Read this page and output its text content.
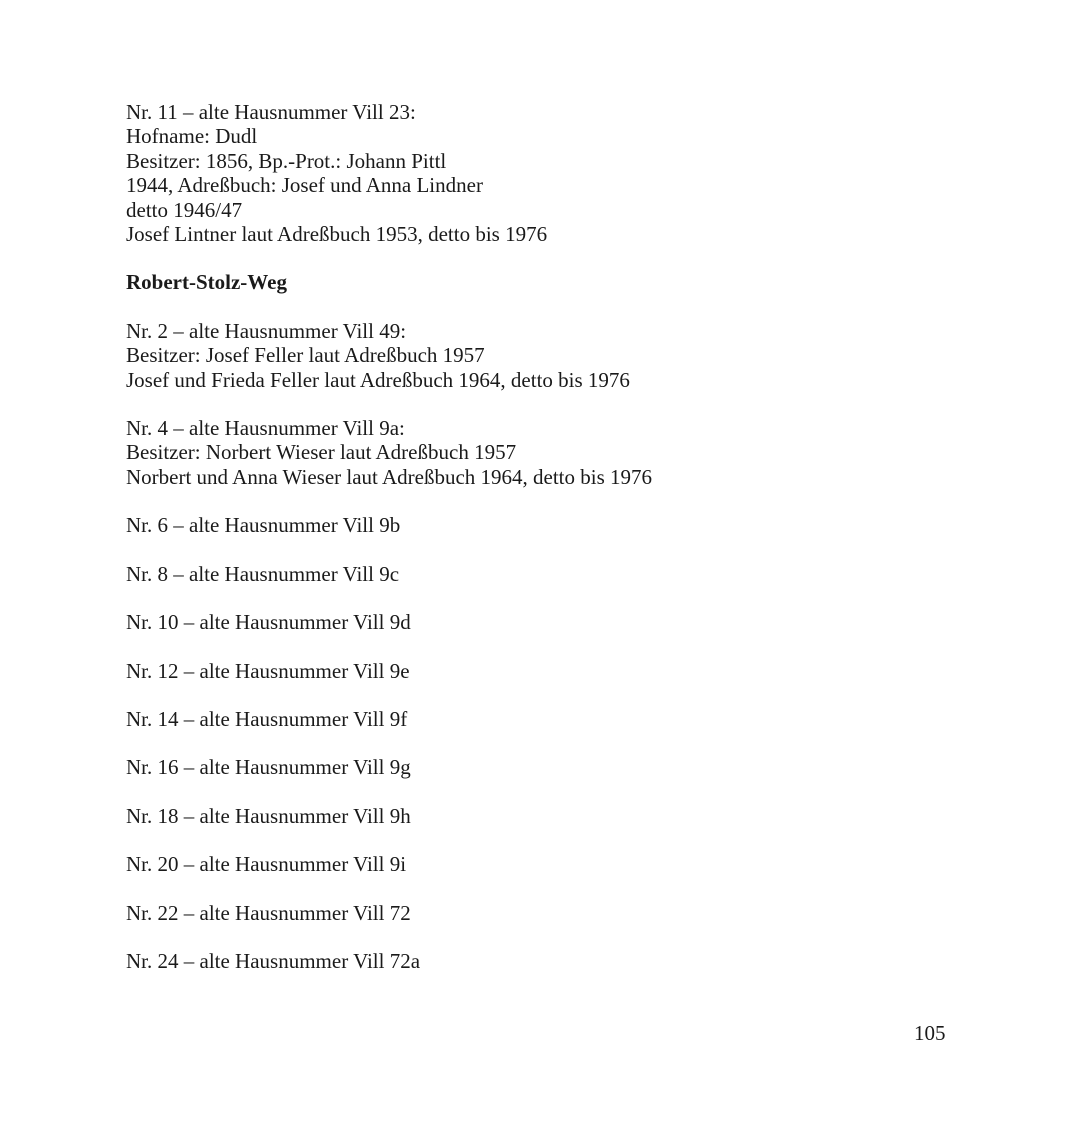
Nr. 11 – alte Hausnummer Vill 23:

Hofname: Dudl

Besitzer: 1856, Bp.-Prot.: Johann Pittl

1944, Adreßbuch: Josef und Anna Lindner

detto 1946/47

Josef Lintner laut Adreßbuch 1953, detto bis 1976

Robert-Stolz-Weg

Nr. 2 – alte Hausnummer Vill 49:

Besitzer: Josef Feller laut Adreßbuch 1957

Josef und Frieda Feller laut Adreßbuch 1964, detto bis 1976

Nr. 4 – alte Hausnummer Vill 9a:

Besitzer: Norbert Wieser laut Adreßbuch 1957

Norbert und Anna Wieser laut Adreßbuch 1964, detto bis 1976

Nr. 6 – alte Hausnummer Vill 9b

Nr. 8 – alte Hausnummer Vill 9c

Nr. 10 – alte Hausnummer Vill 9d

Nr. 12 – alte Hausnummer Vill 9e

Nr. 14 – alte Hausnummer Vill 9f

Nr. 16 – alte Hausnummer Vill 9g

Nr. 18 – alte Hausnummer Vill 9h

Nr. 20 – alte Hausnummer Vill 9i

Nr. 22 – alte Hausnummer Vill 72

Nr. 24 – alte Hausnummer Vill 72a

105
